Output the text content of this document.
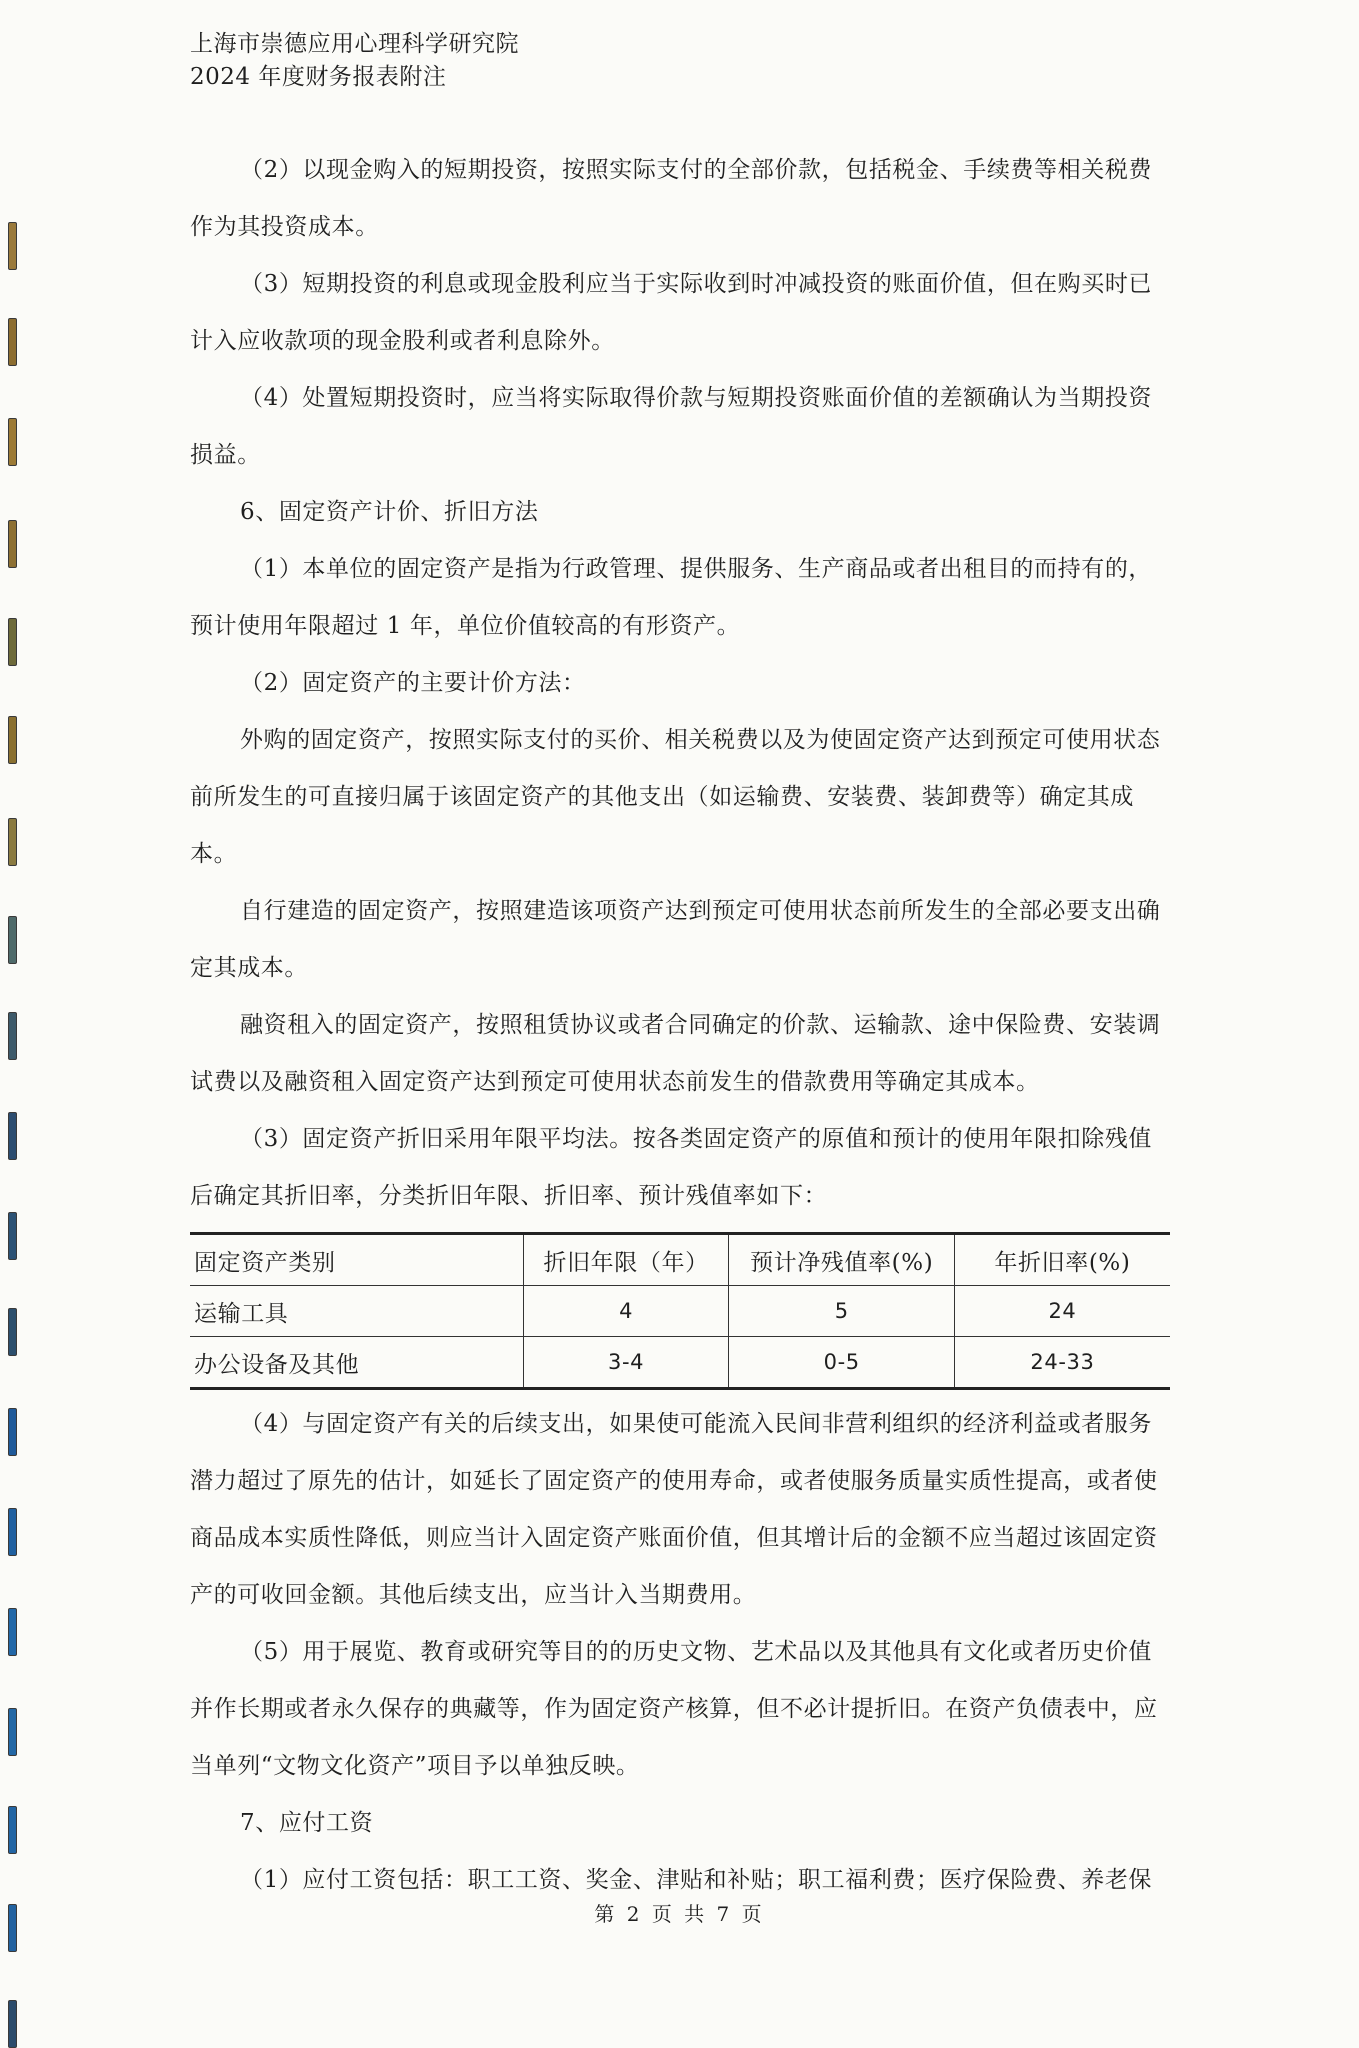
上海市崇德应用心理科学研究院
2024 年度财务报表附注

（2）以现金购入的短期投资，按照实际支付的全部价款，包括税金、手续费等相关税费作为其投资成本。

（3）短期投资的利息或现金股利应当于实际收到时冲减投资的账面价值，但在购买时已计入应收款项的现金股利或者利息除外。

（4）处置短期投资时，应当将实际取得价款与短期投资账面价值的差额确认为当期投资损益。

6、固定资产计价、折旧方法

（1）本单位的固定资产是指为行政管理、提供服务、生产商品或者出租目的而持有的，预计使用年限超过 1 年，单位价值较高的有形资产。

（2）固定资产的主要计价方法：

外购的固定资产，按照实际支付的买价、相关税费以及为使固定资产达到预定可使用状态前所发生的可直接归属于该固定资产的其他支出（如运输费、安装费、装卸费等）确定其成本。

自行建造的固定资产，按照建造该项资产达到预定可使用状态前所发生的全部必要支出确定其成本。

融资租入的固定资产，按照租赁协议或者合同确定的价款、运输款、途中保险费、安装调试费以及融资租入固定资产达到预定可使用状态前发生的借款费用等确定其成本。

（3）固定资产折旧采用年限平均法。按各类固定资产的原值和预计的使用年限扣除残值后确定其折旧率，分类折旧年限、折旧率、预计残值率如下：

固定资产类别	折旧年限（年）	预计净残值率(%)	年折旧率(%)
运输工具	4	5	24
办公设备及其他	3-4	0-5	24-33

（4）与固定资产有关的后续支出，如果使可能流入民间非营利组织的经济利益或者服务潜力超过了原先的估计，如延长了固定资产的使用寿命，或者使服务质量实质性提高，或者使商品成本实质性降低，则应当计入固定资产账面价值，但其增计后的金额不应当超过该固定资产的可收回金额。其他后续支出，应当计入当期费用。

（5）用于展览、教育或研究等目的的历史文物、艺术品以及其他具有文化或者历史价值并作长期或者永久保存的典藏等，作为固定资产核算，但不必计提折旧。在资产负债表中，应当单列“文物文化资产”项目予以单独反映。

7、应付工资

（1）应付工资包括：职工工资、奖金、津贴和补贴；职工福利费；医疗保险费、养老保

第 2 页 共 7 页
